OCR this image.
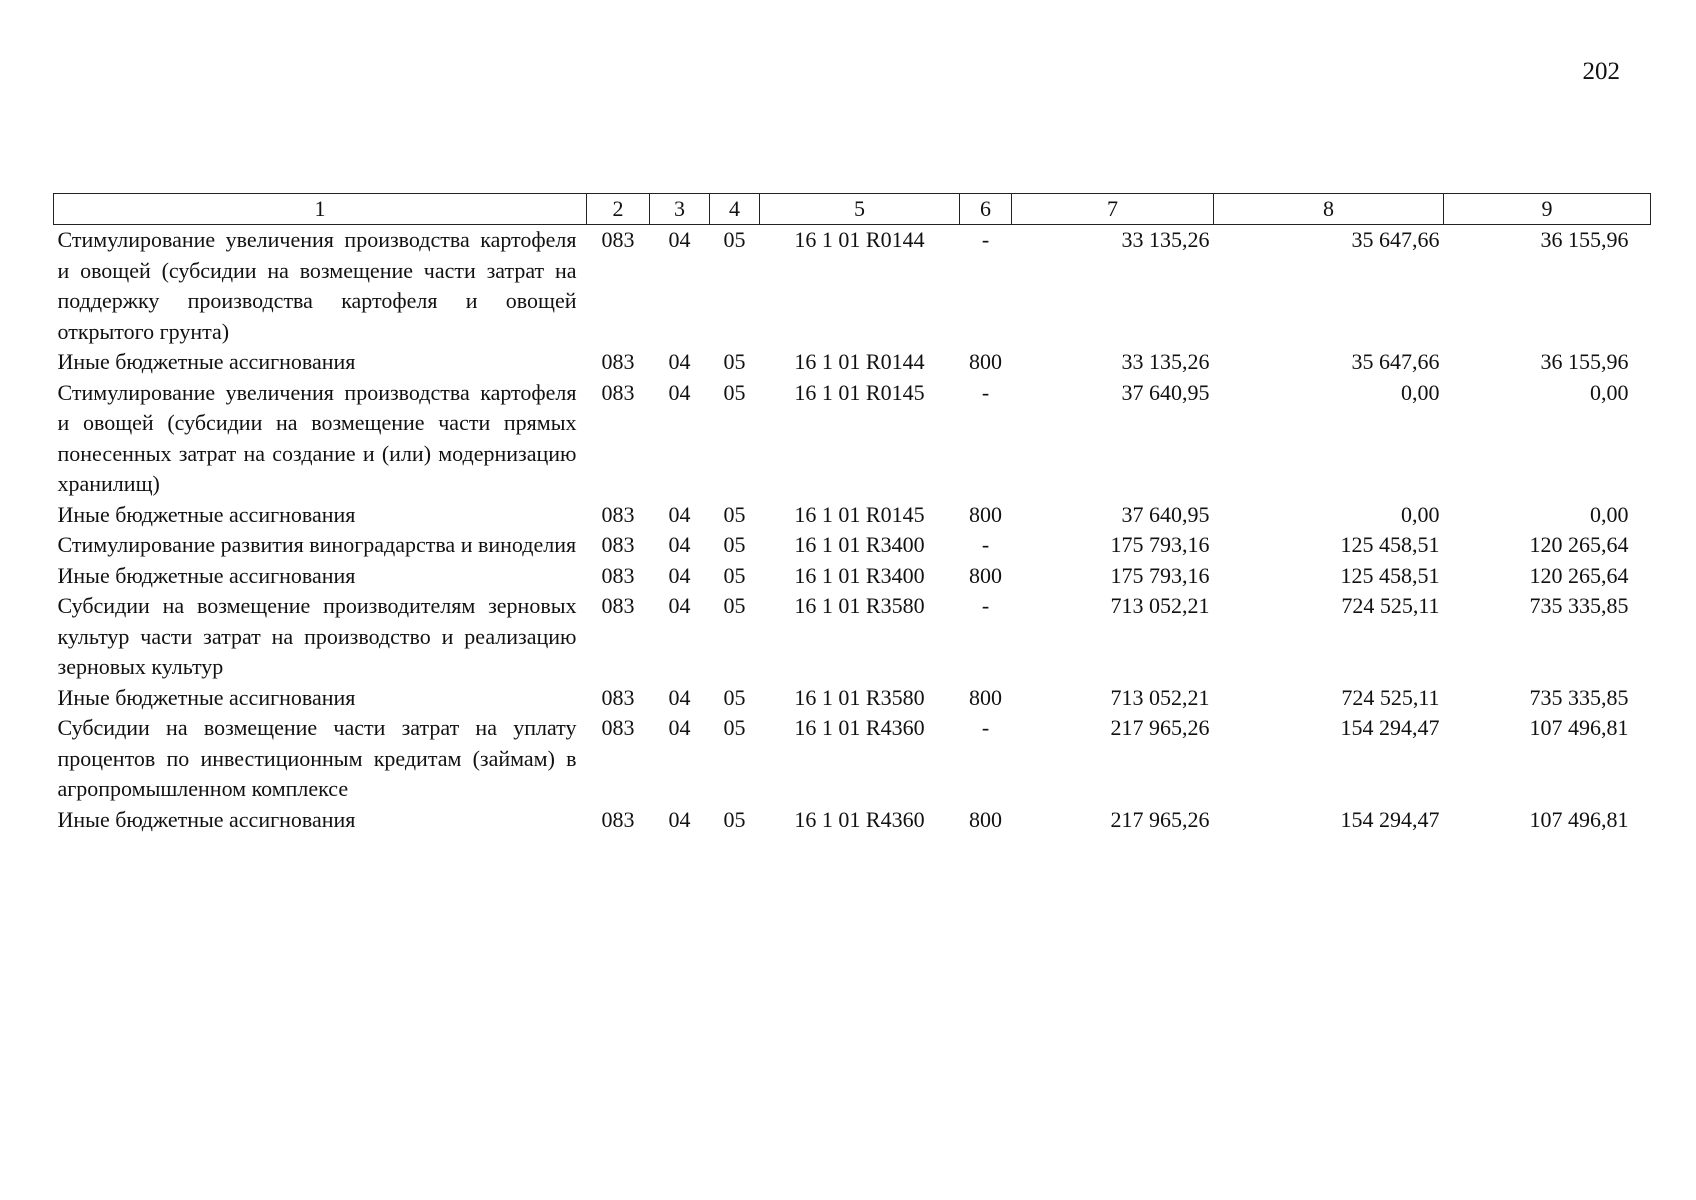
202
1	2	3	4	5	6	7	8	9
Стимулирование увеличения производства картофеля и овощей (субсидии на возмещение части затрат на поддержку производства картофеля и овощей открытого грунта)	083	04	05	16 1 01 R0144	-	33 135,26	35 647,66	36 155,96
Иные бюджетные ассигнования	083	04	05	16 1 01 R0144	800	33 135,26	35 647,66	36 155,96
Стимулирование увеличения производства картофеля и овощей (субсидии на возмещение части прямых понесенных затрат на создание и (или) модернизацию хранилищ)	083	04	05	16 1 01 R0145	-	37 640,95	0,00	0,00
Иные бюджетные ассигнования	083	04	05	16 1 01 R0145	800	37 640,95	0,00	0,00
Стимулирование развития виноградарства и виноделия	083	04	05	16 1 01 R3400	-	175 793,16	125 458,51	120 265,64
Иные бюджетные ассигнования	083	04	05	16 1 01 R3400	800	175 793,16	125 458,51	120 265,64
Субсидии на возмещение производителям зерновых культур части затрат на производство и реализацию зерновых культур	083	04	05	16 1 01 R3580	-	713 052,21	724 525,11	735 335,85
Иные бюджетные ассигнования	083	04	05	16 1 01 R3580	800	713 052,21	724 525,11	735 335,85
Субсидии на возмещение части затрат на уплату процентов по инвестиционным кредитам (займам) в агропромышленном комплексе	083	04	05	16 1 01 R4360	-	217 965,26	154 294,47	107 496,81
Иные бюджетные ассигнования	083	04	05	16 1 01 R4360	800	217 965,26	154 294,47	107 496,81
